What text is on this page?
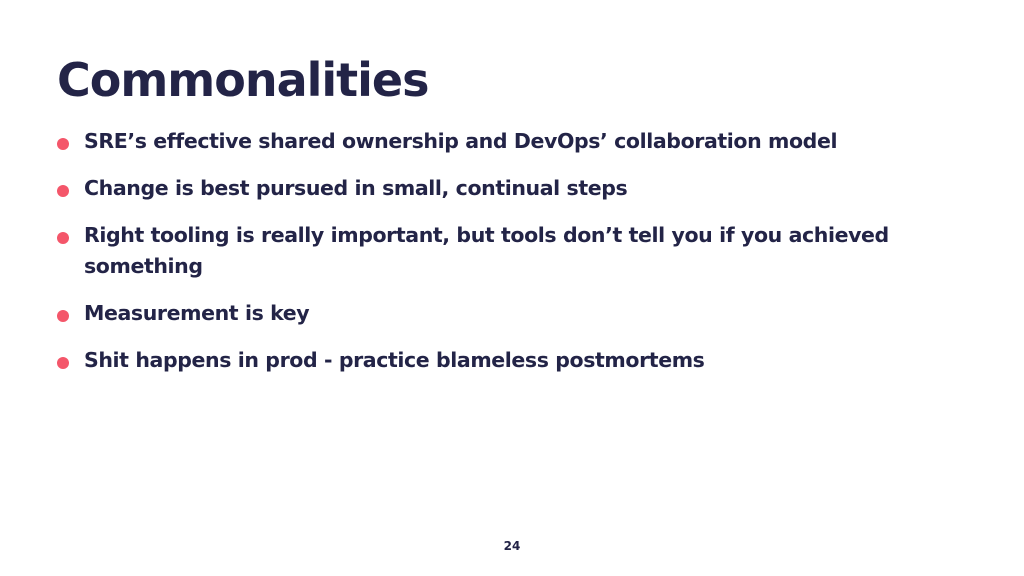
Commonalities
SRE’s effective shared ownership and DevOps’ collaboration model
Change is best pursued in small, continual steps
Right tooling is really important, but tools don’t tell you if you achieved something
Measurement is key
Shit happens in prod - practice blameless postmortems
24
